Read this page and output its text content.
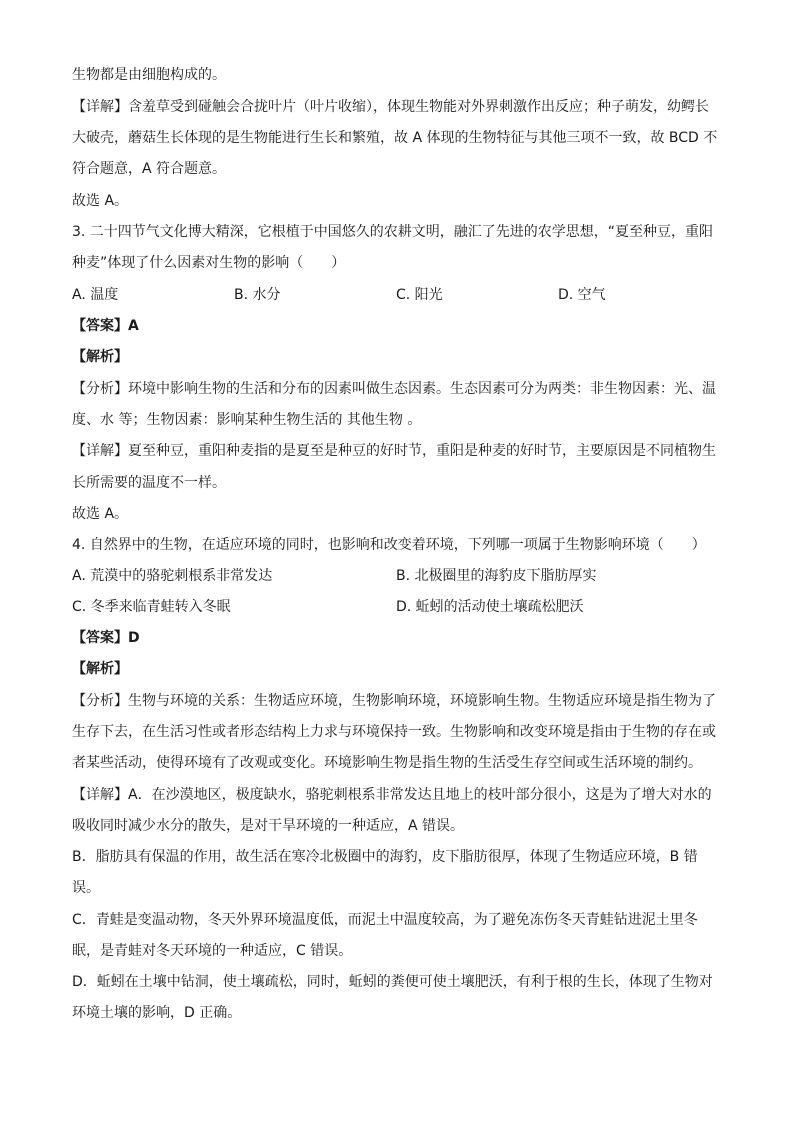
生物都是由细胞构成的。
【详解】含羞草受到碰触会合拢叶片（叶片收缩），体现生物能对外界刺激作出反应；种子萌发，幼鳄长
大破壳，蘑菇生长体现的是生物能进行生长和繁殖，故 A 体现的生物特征与其他三项不一致，故 BCD 不
符合题意，A 符合题意。
故选 A。
3. 二十四节气文化博大精深，它根植于中国悠久的农耕文明，融汇了先进的农学思想，“夏至种豆，重阳
种麦”体现了什么因素对生物的影响（　　）
A. 温度	B. 水分	C. 阳光	D. 空气
【答案】A
【解析】
【分析】环境中影响生物的生活和分布的因素叫做生态因素。生态因素可分为两类：非生物因素：光、温
度、水 等；生物因素：影响某种生物生活的 其他生物 。
【详解】夏至种豆，重阳种麦指的是夏至是种豆的好时节，重阳是种麦的好时节，主要原因是不同植物生
长所需要的温度不一样。
故选 A。
4. 自然界中的生物，在适应环境的同时，也影响和改变着环境，下列哪一项属于生物影响环境（　　）
A. 荒漠中的骆驼刺根系非常发达	B. 北极圈里的海豹皮下脂肪厚实
C. 冬季来临青蛙转入冬眠	D. 蚯蚓的活动使土壤疏松肥沃
【答案】D
【解析】
【分析】生物与环境的关系：生物适应环境，生物影响环境，环境影响生物。生物适应环境是指生物为了
生存下去，在生活习性或者形态结构上力求与环境保持一致。生物影响和改变环境是指由于生物的存在或
者某些活动，使得环境有了改观或变化。环境影响生物是指生物的生活受生存空间或生活环境的制约。
【详解】A．在沙漠地区，极度缺水，骆驼刺根系非常发达且地上的枝叶部分很小，这是为了增大对水的
吸收同时减少水分的散失，是对干旱环境的一种适应，A 错误。
B．脂肪具有保温的作用，故生活在寒冷北极圈中的海豹，皮下脂肪很厚，体现了生物适应环境，B 错
误。
C．青蛙是变温动物，冬天外界环境温度低，而泥土中温度较高，为了避免冻伤冬天青蛙钻进泥土里冬
眠，是青蛙对冬天环境的一种适应，C 错误。
D．蚯蚓在土壤中钻洞，使土壤疏松，同时，蚯蚓的粪便可使土壤肥沃，有利于根的生长，体现了生物对
环境土壤的影响，D 正确。
